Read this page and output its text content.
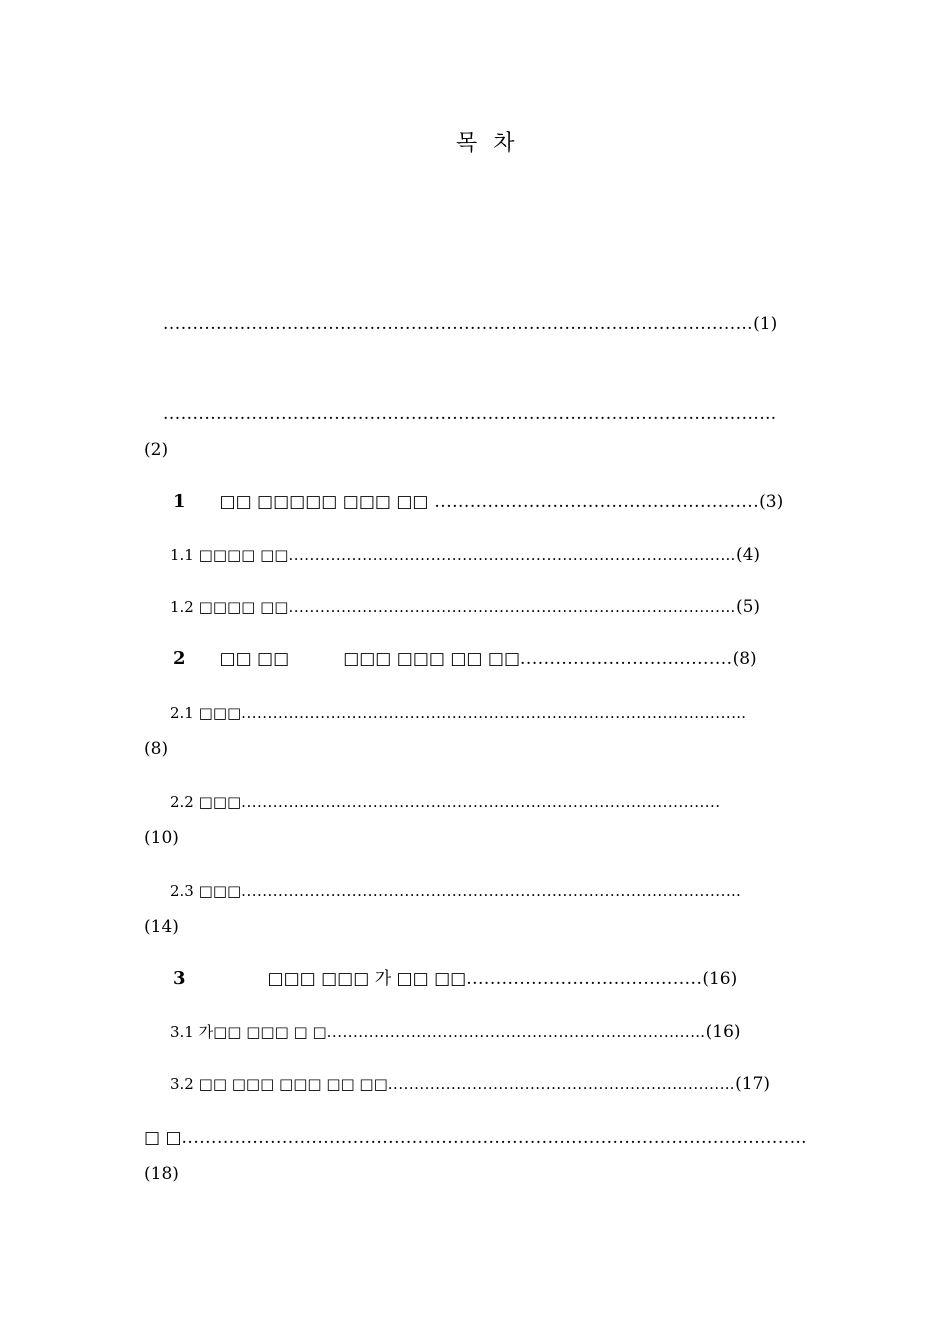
목 차
.................................................................................................…(1)
.....................................................................................................…
(2)
1 □□ □□□□□ □□□ □□ .......................................................(3)
1.1 □□□□ □□..................................................................................…(4)
1.2 □□□□ □□..................................................................................…(5)
2 □□ □□	□□□ □□□ □□ □□....................................(8)
2.1 □□□.............................................................................................…
(8)
2.2 □□□...........................................................................................
(10)
2.3 □□□............................................................................................…
(14)
3	□□□ □□□ 가 □□ □□........................................(16)
3.1 가□□ □□□ □ □.....................................................................…(16)
3.2 □□ □□□ □□□ □□ □□...............................................................…(17)
□ □.......................................................................................................…
(18)
